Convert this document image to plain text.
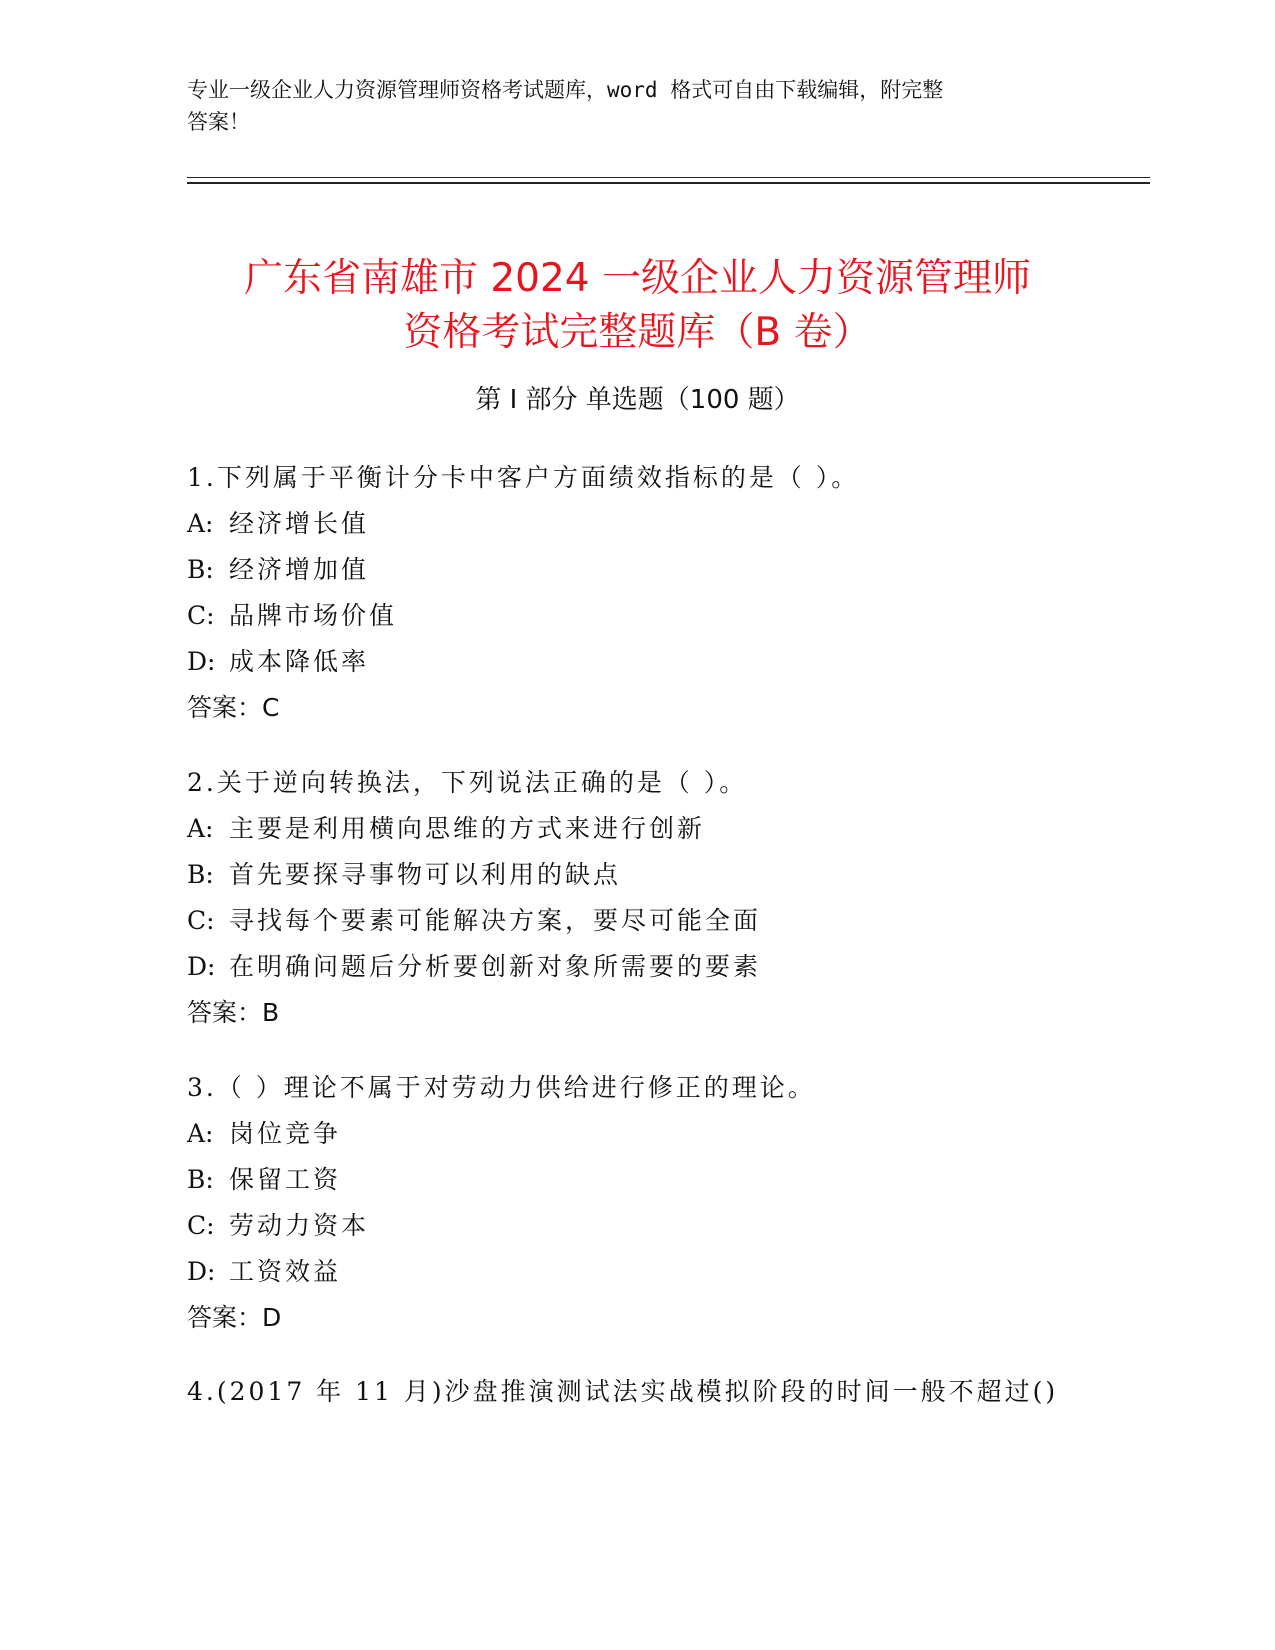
专业一级企业人力资源管理师资格考试题库，word 格式可自由下载编辑，附完整
答案！
广东省南雄市 2024 一级企业人力资源管理师
资格考试完整题库（B 卷）
第 I 部分 单选题（100 题）
1.下列属于平衡计分卡中客户方面绩效指标的是（ ）。
A: 经济增长值
B: 经济增加值
C: 品牌市场价值
D: 成本降低率
答案：C
2.关于逆向转换法，下列说法正确的是（ ）。
A: 主要是利用横向思维的方式来进行创新
B: 首先要探寻事物可以利用的缺点
C: 寻找每个要素可能解决方案，要尽可能全面
D: 在明确问题后分析要创新对象所需要的要素
答案：B
3.（ ）理论不属于对劳动力供给进行修正的理论。
A: 岗位竞争
B: 保留工资
C: 劳动力资本
D: 工资效益
答案：D
4.(2017 年 11 月)沙盘推演测试法实战模拟阶段的时间一般不超过()
